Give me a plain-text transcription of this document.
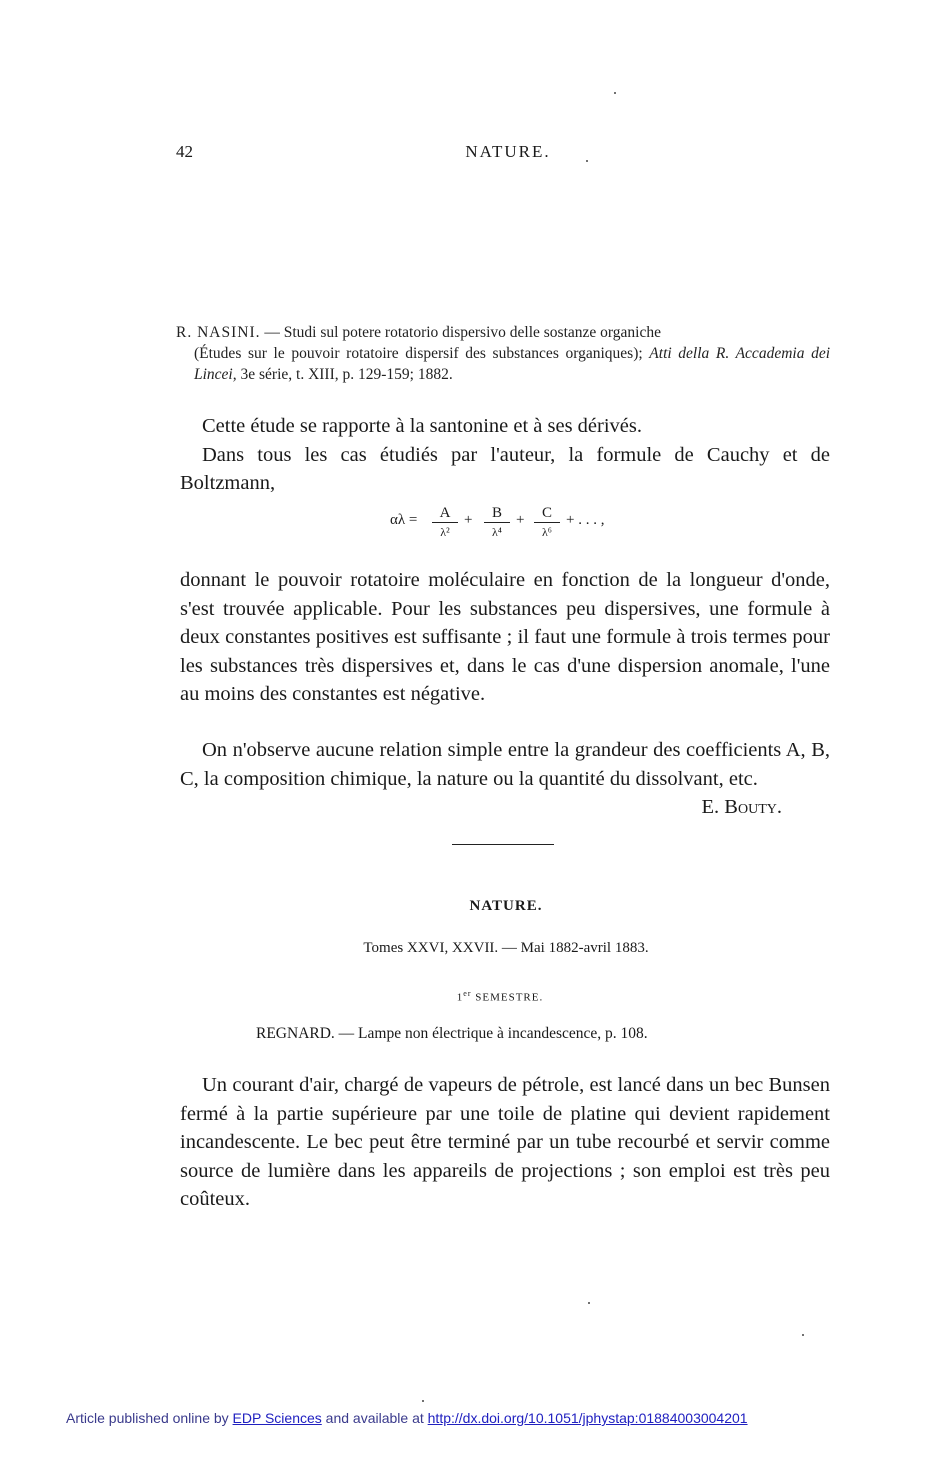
42	NATURE.
R. NASINI. — Studi sul potere rotatorio dispersivo delle sostanze organiche
(Études sur le pouvoir rotatoire dispersif des substances organiques); Atti della R. Accademia dei Lincei, 3e série, t. XIII, p. 129-159; 1882.
Cette étude se rapporte à la santonine et à ses dérivés.
Dans tous les cas étudiés par l'auteur, la formule de Cauchy et de Boltzmann,
αλ =	A
λ²
+	B
λ⁴
+	C
λ⁶
+ . . . ,
donnant le pouvoir rotatoire moléculaire en fonction de la longueur d'onde, s'est trouvée applicable. Pour les substances peu dispersives, une formule à deux constantes positives est suffisante ; il faut une formule à trois termes pour les substances très dispersives et, dans le cas d'une dispersion anomale, l'une au moins des constantes est négative.
On n'observe aucune relation simple entre la grandeur des coefficients A, B, C, la composition chimique, la nature ou la quantité du dissolvant, etc.
E. Bouty.
NATURE.
Tomes XXVI, XXVII. — Mai 1882-avril 1883.
1er SEMESTRE.
REGNARD. — Lampe non électrique à incandescence, p. 108.
Un courant d'air, chargé de vapeurs de pétrole, est lancé dans un bec Bunsen fermé à la partie supérieure par une toile de platine qui devient rapidement incandescente. Le bec peut être terminé par un tube recourbé et servir comme source de lumière dans les appareils de projections ; son emploi est très peu coûteux.
Article published online by EDP Sciences and available at http://dx.doi.org/10.1051/jphystap:01884003004201
